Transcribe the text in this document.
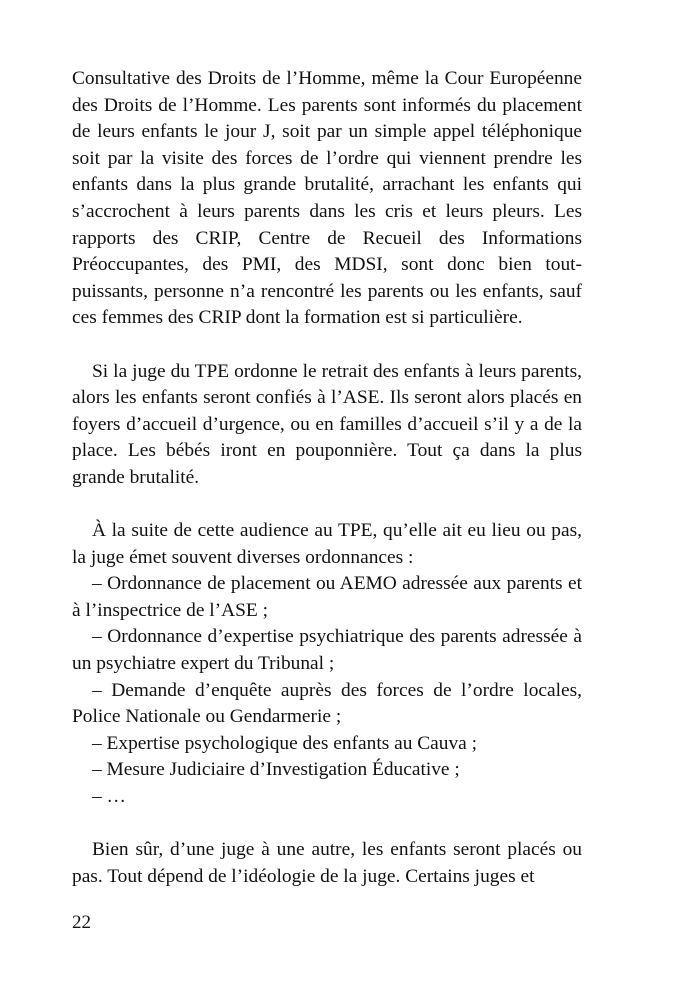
Consultative des Droits de l’Homme, même la Cour Européenne des Droits de l’Homme. Les parents sont informés du placement de leurs enfants le jour J, soit par un simple appel téléphonique soit par la visite des forces de l’ordre qui viennent prendre les enfants dans la plus grande brutalité, arrachant les enfants qui s’accrochent à leurs parents dans les cris et leurs pleurs. Les rapports des CRIP, Centre de Recueil des Informations Préoccupantes, des PMI, des MDSI, sont donc bien tout-puissants, personne n’a rencontré les parents ou les enfants, sauf ces femmes des CRIP dont la formation est si particulière.

Si la juge du TPE ordonne le retrait des enfants à leurs parents, alors les enfants seront confiés à l’ASE. Ils seront alors placés en foyers d’accueil d’urgence, ou en familles d’accueil s’il y a de la place. Les bébés iront en pouponnière. Tout ça dans la plus grande brutalité.

À la suite de cette audience au TPE, qu’elle ait eu lieu ou pas, la juge émet souvent diverses ordonnances :

– Ordonnance de placement ou AEMO adressée aux parents et à l’inspectrice de l’ASE ;

– Ordonnance d’expertise psychiatrique des parents adressée à un psychiatre expert du Tribunal ;

– Demande d’enquête auprès des forces de l’ordre locales, Police Nationale ou Gendarmerie ;

– Expertise psychologique des enfants au Cauva ;

– Mesure Judiciaire d’Investigation Éducative ;

– …

Bien sûr, d’une juge à une autre, les enfants seront placés ou pas. Tout dépend de l’idéologie de la juge. Certains juges et

22
